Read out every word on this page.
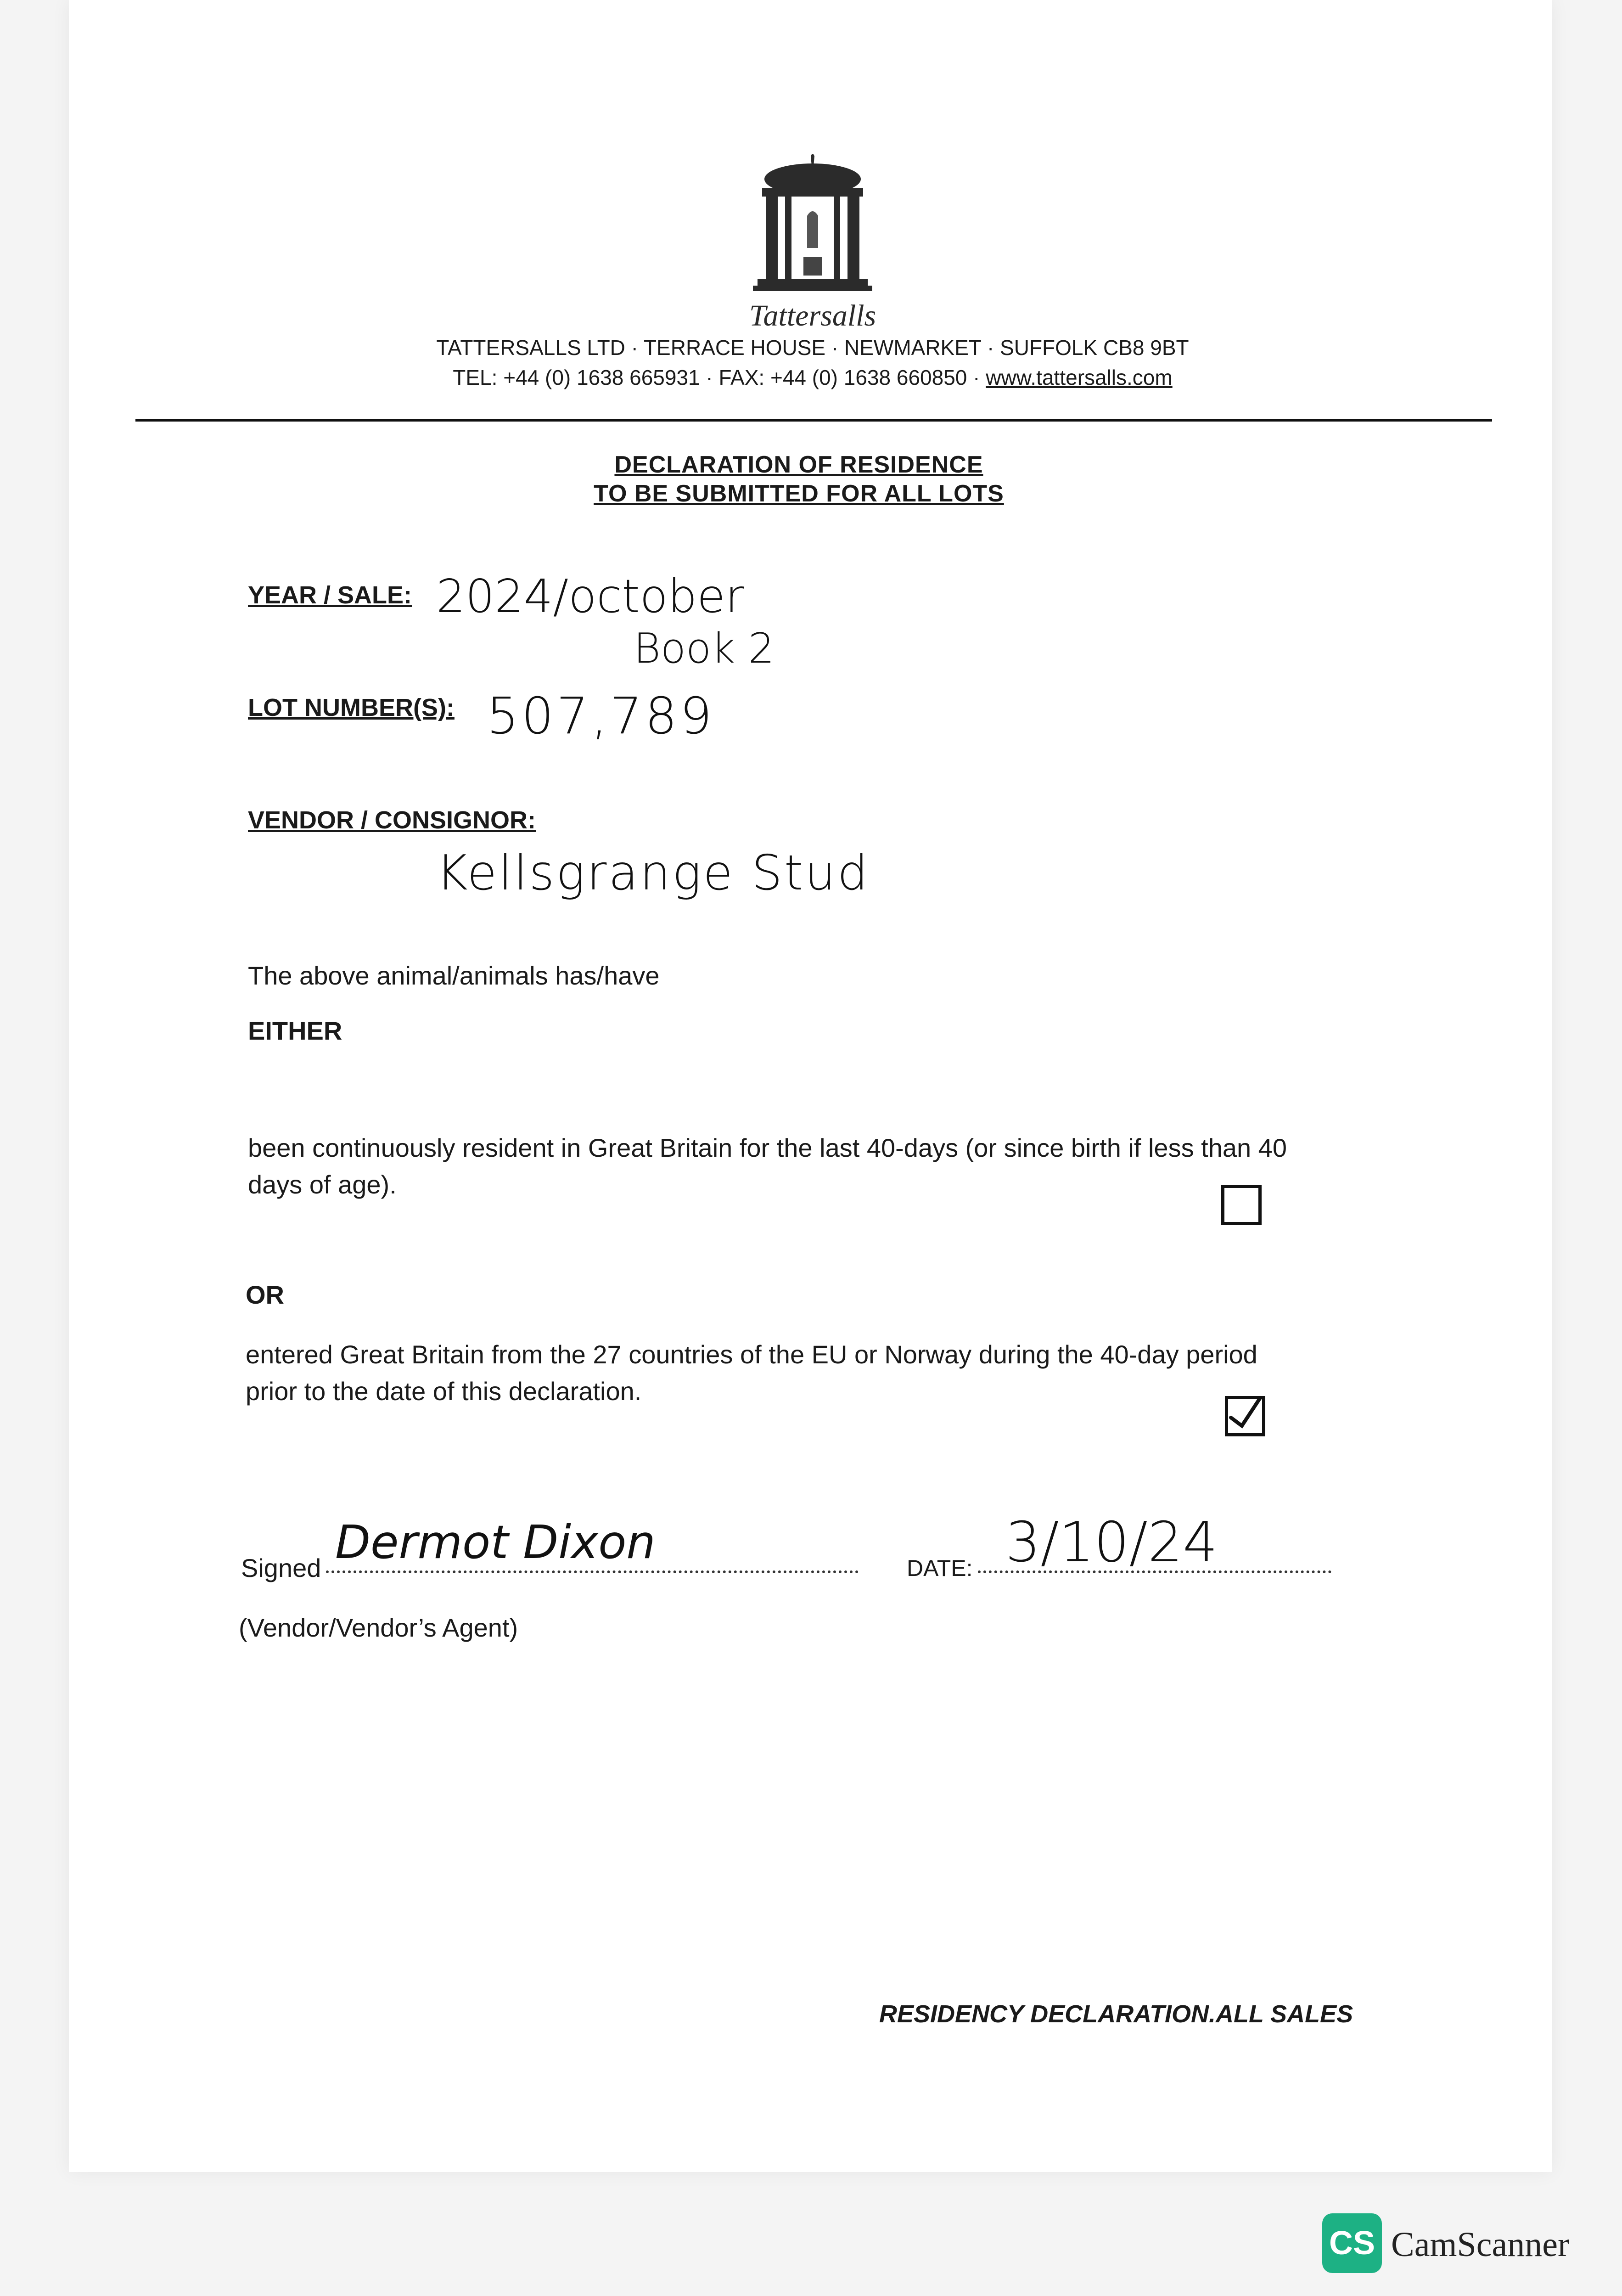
Tattersalls
TATTERSALLS LTD · TERRACE HOUSE · NEWMARKET · SUFFOLK CB8 9BT
TEL: +44 (0) 1638 665931 · FAX: +44 (0) 1638 660850 · www.tattersalls.com
DECLARATION OF RESIDENCE
TO BE SUBMITTED FOR ALL LOTS
YEAR / SALE: 2024/october
Book 2
LOT NUMBER(S): 507,789
VENDOR / CONSIGNOR:
Kellsgrange Stud
The above animal/animals has/have
EITHER
been continuously resident in Great Britain for the last 40-days (or since birth if less than 40
days of age).
OR
entered Great Britain from the 27 countries of the EU or Norway during the 40-day period
prior to the date of this declaration.
Signed Dermot Dixon	DATE: 3/10/24
(Vendor/Vendor’s Agent)
RESIDENCY DECLARATION.ALL SALES
CS CamScanner
